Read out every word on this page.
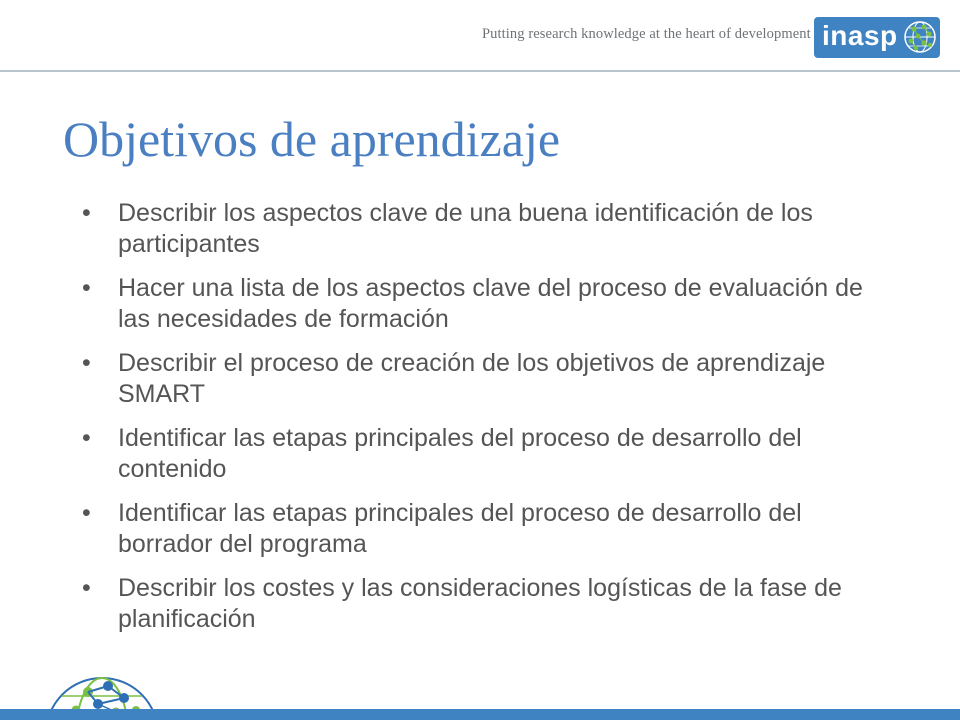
Putting research knowledge at the heart of development inasp
Objetivos de aprendizaje
• Describir los aspectos clave de una buena identificación de los participantes
• Hacer una lista de los aspectos clave del proceso de evaluación de las necesidades de formación
• Describir el proceso de creación de los objetivos de aprendizaje SMART
• Identificar las etapas principales del proceso de desarrollo del contenido
• Identificar las etapas principales del proceso de desarrollo del borrador del programa
• Describir los costes y las consideraciones logísticas de la fase de planificación
